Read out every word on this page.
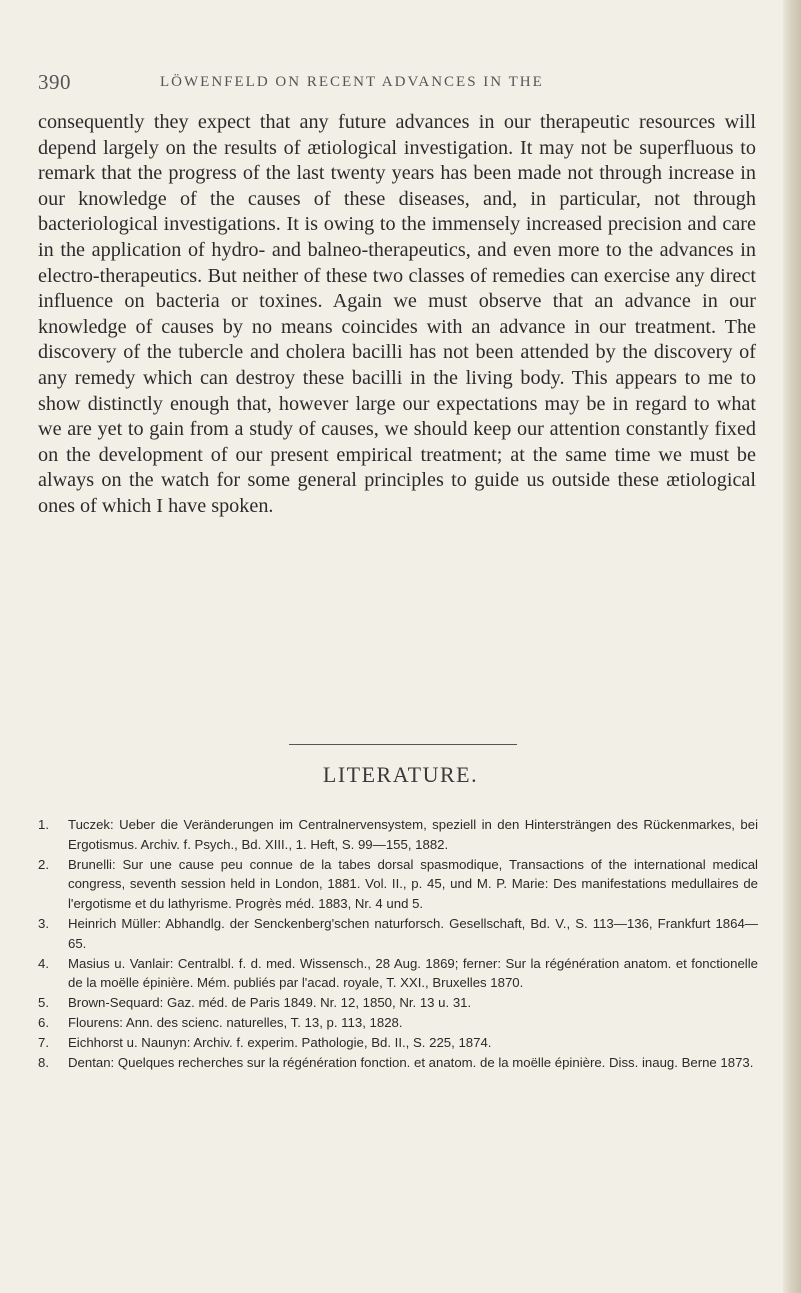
390	LÖWENFELD ON RECENT ADVANCES IN THE

consequently they expect that any future advances in our therapeutic resources will depend largely on the results of ætiological investigation. It may not be superfluous to remark that the progress of the last twenty years has been made not through increase in our knowledge of the causes of these diseases, and, in particular, not through bacteriological investigations. It is owing to the immensely increased precision and care in the application of hydro- and balneo-therapeutics, and even more to the advances in electro-therapeutics. But neither of these two classes of remedies can exercise any direct influence on bacteria or toxines. Again we must observe that an advance in our knowledge of causes by no means coincides with an advance in our treatment. The discovery of the tubercle and cholera bacilli has not been attended by the discovery of any remedy which can destroy these bacilli in the living body. This appears to me to show distinctly enough that, however large our expectations may be in regard to what we are yet to gain from a study of causes, we should keep our attention constantly fixed on the development of our present empirical treatment; at the same time we must be always on the watch for some general principles to guide us outside these ætiological ones of which I have spoken.

LITERATURE.
1. Tuczek: Ueber die Veränderungen im Centralnervensystem, speziell in den Hintersträngen des Rückenmarkes, bei Ergotismus. Archiv. f. Psych., Bd. XIII., 1. Heft, S. 99—155, 1882.
2. Brunelli: Sur une cause peu connue de la tabes dorsal spasmodique, Transactions of the international medical congress, seventh session held in London, 1881. Vol. II., p. 45, und M. P. Marie: Des manifestations medullaires de l'ergotisme et du lathyrisme. Progrès méd. 1883, Nr. 4 und 5.
3. Heinrich Müller: Abhandlg. der Senckenberg'schen naturforsch. Gesellschaft, Bd. V., S. 113—136, Frankfurt 1864—65.
4. Masius u. Vanlair: Centralbl. f. d. med. Wissensch., 28 Aug. 1869; ferner: Sur la régénération anatom. et fonctionelle de la moëlle épinière. Mém. publiés par l'acad. royale, T. XXI., Bruxelles 1870.
5. Brown-Sequard: Gaz. méd. de Paris 1849. Nr. 12, 1850, Nr. 13 u. 31.
6. Flourens: Ann. des scienc. naturelles, T. 13, p. 113, 1828.
7. Eichhorst u. Naunyn: Archiv. f. experim. Pathologie, Bd. II., S. 225, 1874.
8. Dentan: Quelques recherches sur la régénération fonction. et anatom. de la moëlle épinière. Diss. inaug. Berne 1873.
